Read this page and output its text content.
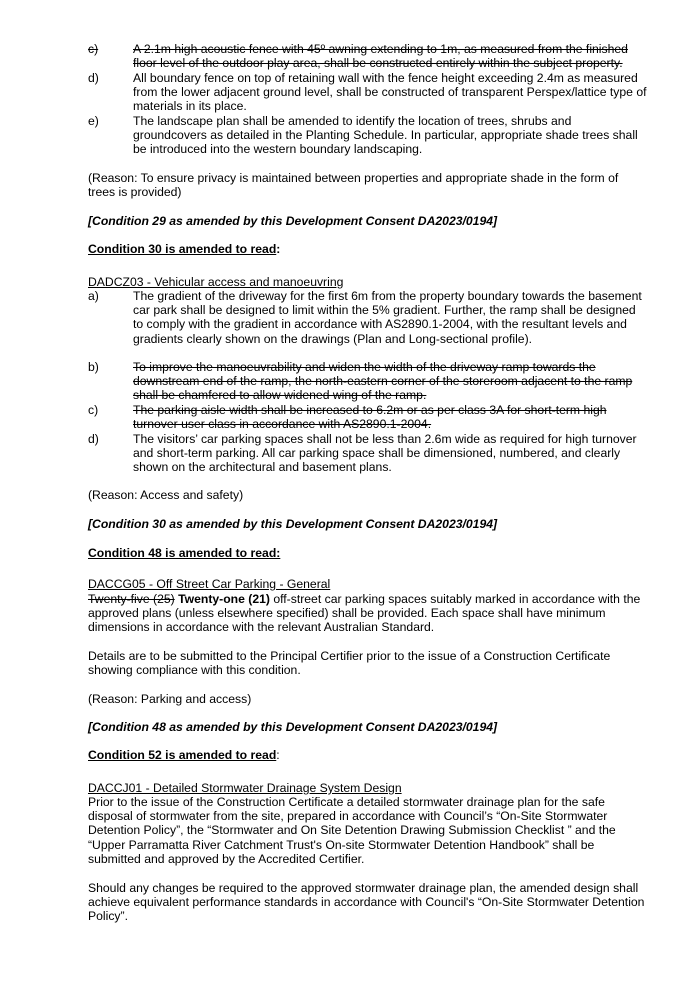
c)	A 2.1m high acoustic fence with 45º awning extending to 1m, as measured from the finished floor level of the outdoor play area, shall be constructed entirely within the subject property.
d)	All boundary fence on top of retaining wall with the fence height exceeding 2.4m as measured from the lower adjacent ground level, shall be constructed of transparent Perspex/lattice type of materials in its place.
e)	The landscape plan shall be amended to identify the location of trees, shrubs and groundcovers as detailed in the Planting Schedule. In particular, appropriate shade trees shall be introduced into the western boundary landscaping.

(Reason: To ensure privacy is maintained between properties and appropriate shade in the form of trees is provided)

[Condition 29 as amended by this Development Consent DA2023/0194]

Condition 30 is amended to read:

DADCZ03 - Vehicular access and manoeuvring

a)	The gradient of the driveway for the first 6m from the property boundary towards the basement car park shall be designed to limit within the 5% gradient. Further, the ramp shall be designed to comply with the gradient in accordance with AS2890.1-2004, with the resultant levels and gradients clearly shown on the drawings (Plan and Long-sectional profile).
b)	To improve the manoeuvrability and widen the width of the driveway ramp towards the downstream end of the ramp, the north-eastern corner of the storeroom adjacent to the ramp shall be chamfered to allow widened wing of the ramp.
c)	The parking aisle width shall be increased to 6.2m or as per class 3A for short-term high turnover user class in accordance with AS2890.1-2004.
d)	The visitors’ car parking spaces shall not be less than 2.6m wide as required for high turnover and short-term parking. All car parking space shall be dimensioned, numbered, and clearly shown on the architectural and basement plans.

(Reason: Access and safety)

[Condition 30 as amended by this Development Consent DA2023/0194]

Condition 48 is amended to read:

DACCG05 - Off Street Car Parking - General

Twenty-five (25) Twenty-one (21) off-street car parking spaces suitably marked in accordance with the approved plans (unless elsewhere specified) shall be provided. Each space shall have minimum dimensions in accordance with the relevant Australian Standard.

Details are to be submitted to the Principal Certifier prior to the issue of a Construction Certificate showing compliance with this condition.

(Reason: Parking and access)

[Condition 48 as amended by this Development Consent DA2023/0194]

Condition 52 is amended to read:

DACCJ01 - Detailed Stormwater Drainage System Design

Prior to the issue of the Construction Certificate a detailed stormwater drainage plan for the safe disposal of stormwater from the site, prepared in accordance with Council’s “On-Site Stormwater Detention Policy”, the “Stormwater and On Site Detention Drawing Submission Checklist ” and the “Upper Parramatta River Catchment Trust's On-site Stormwater Detention Handbook” shall be submitted and approved by the Accredited Certifier.

Should any changes be required to the approved stormwater drainage plan, the amended design shall achieve equivalent performance standards in accordance with Council's “On-Site Stormwater Detention Policy”.
